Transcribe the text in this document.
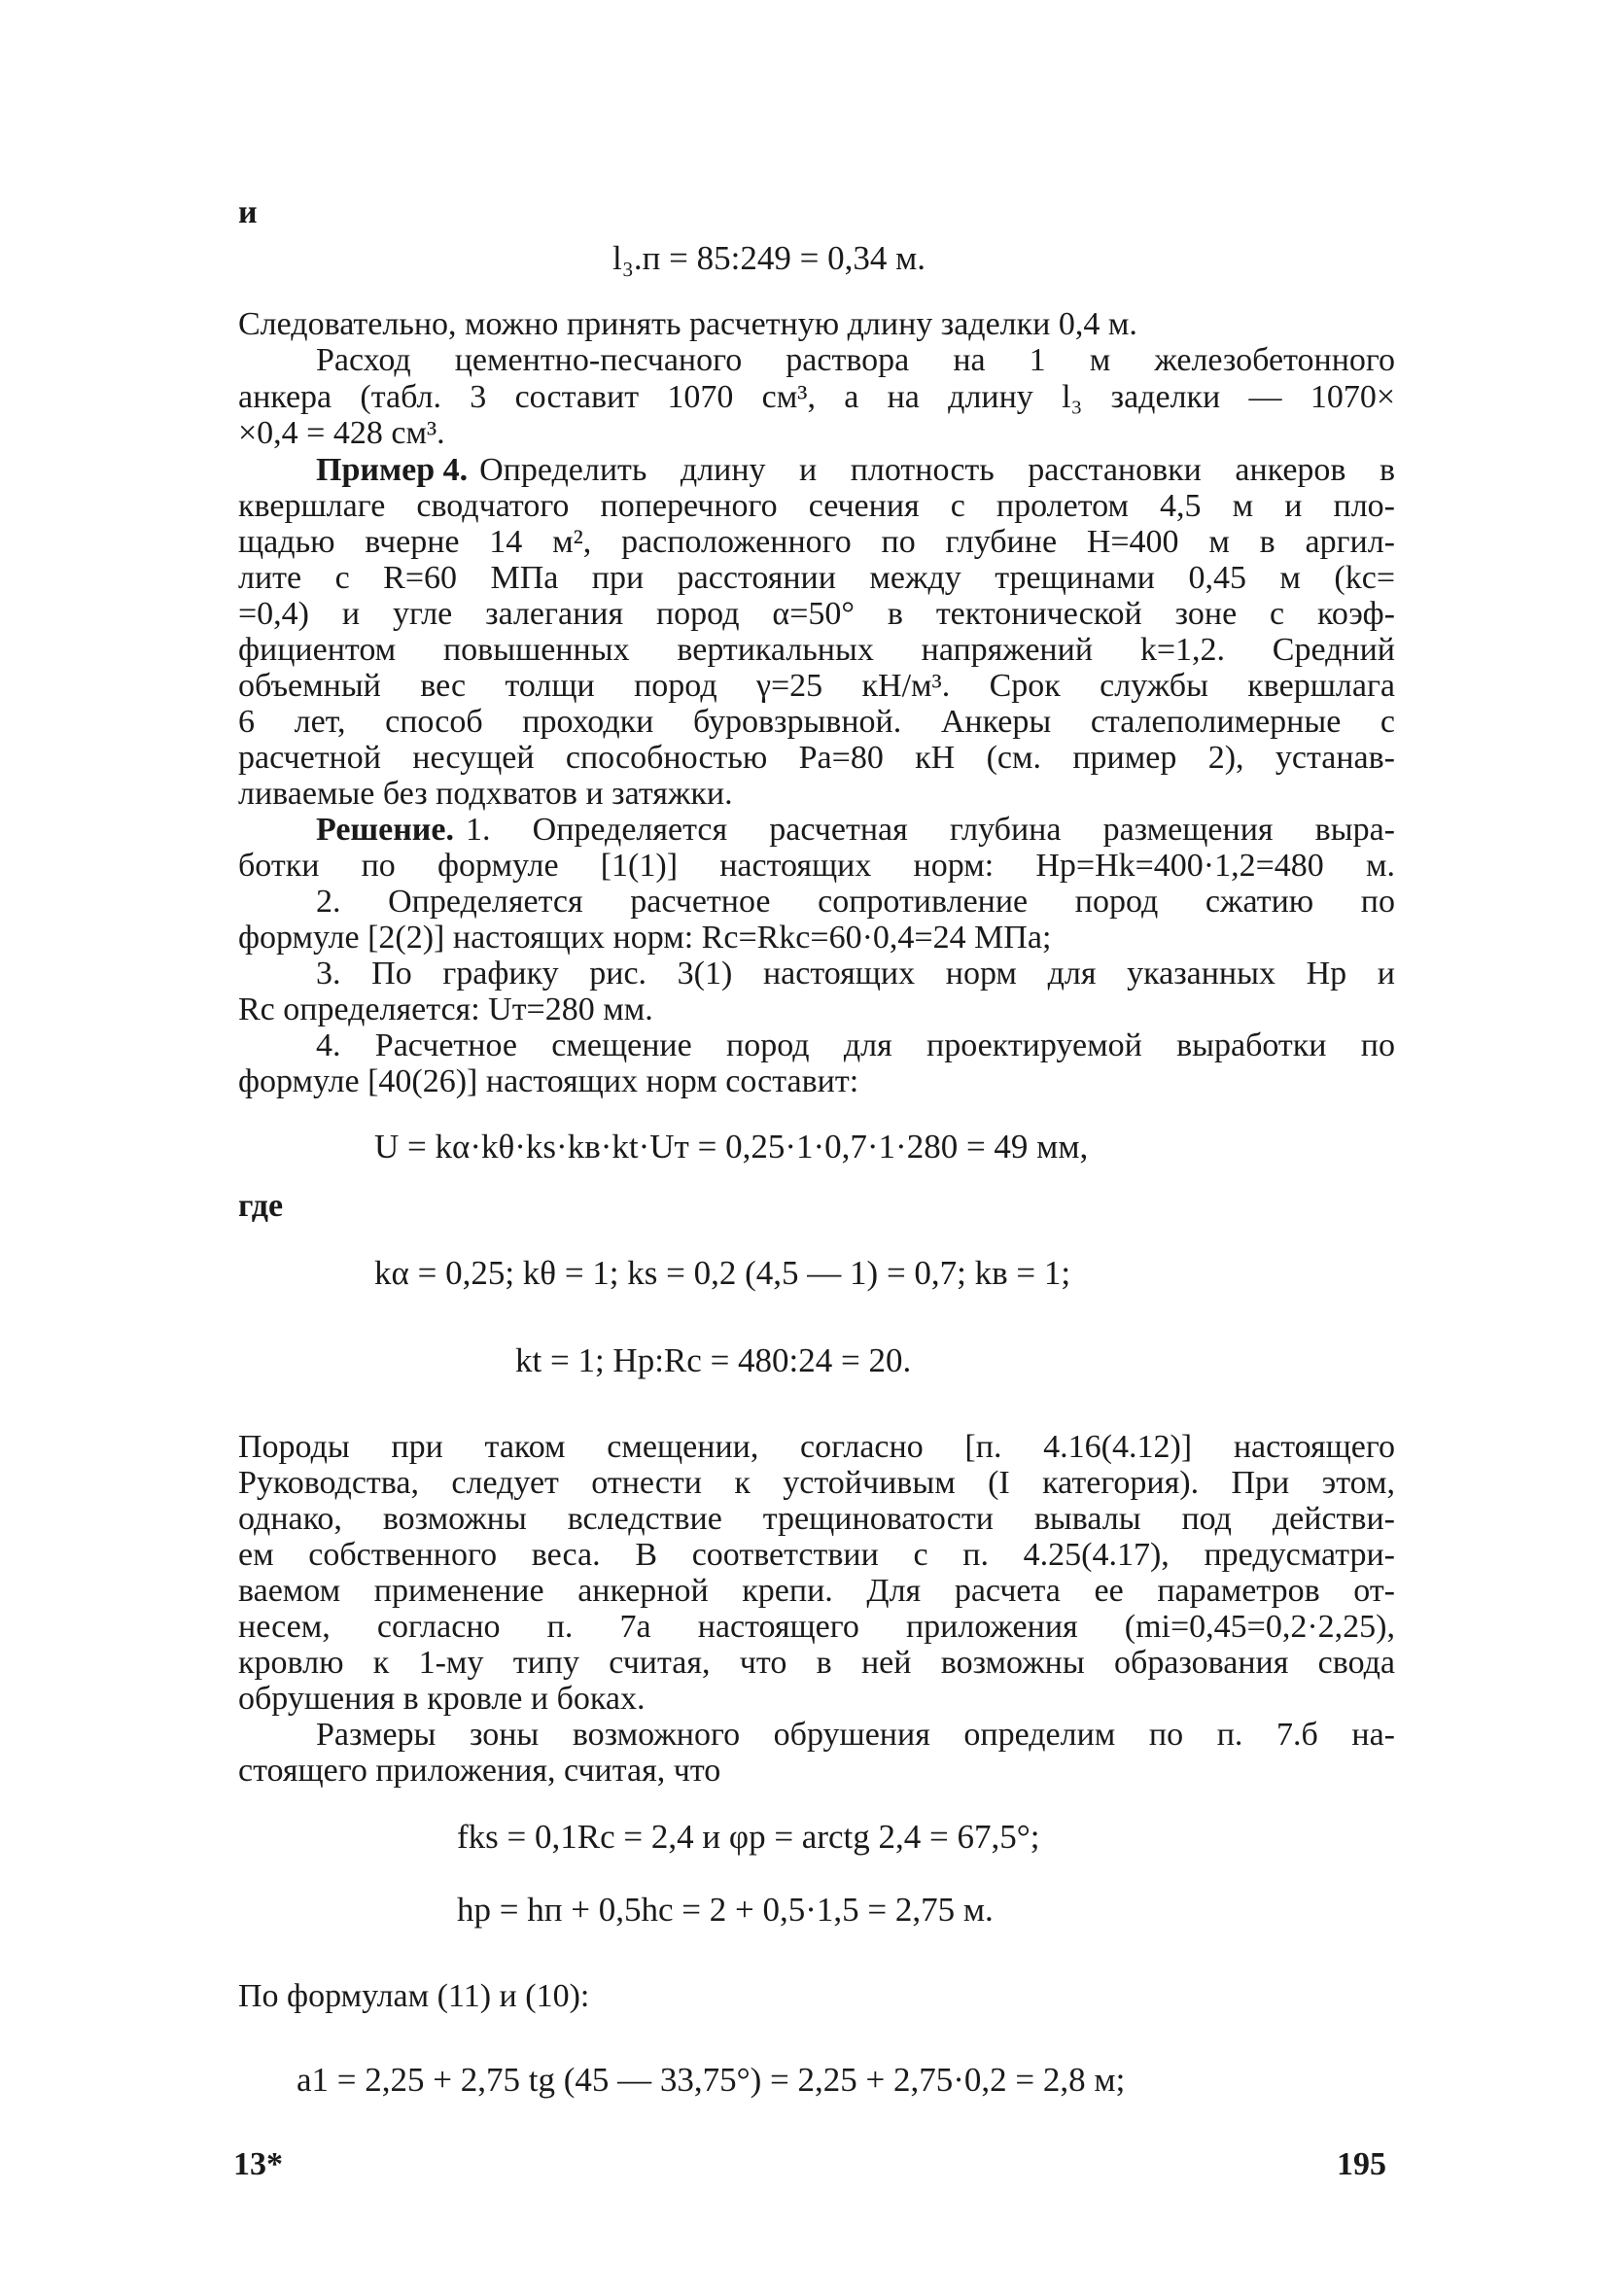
и
l₃.п = 85:249 = 0,34 м.
Следовательно, можно принять расчетную длину заделки 0,4 м.
Расход цементно-песчаного раствора на 1 м железобетонного
анкера (табл. 3 составит 1070 см³, а на длину l₃ заделки — 1070×
×0,4 = 428 см³.
Пример 4. Определить длину и плотность расстановки анкеров в
квершлаге сводчатого поперечного сечения с пролетом 4,5 м и пло-
щадью вчерне 14 м², расположенного по глубине H=400 м в аргил-
лите с R=60 МПа при расстоянии между трещинами 0,45 м (kc=
=0,4) и угле залегания пород α=50° в тектонической зоне с коэф-
фициентом повышенных вертикальных напряжений k=1,2. Средний
объемный вес толщи пород γ=25 кН/м³. Срок службы квершлага
6 лет, способ проходки буровзрывной. Анкеры сталеполимерные с
расчетной несущей способностью Pa=80 кН (см. пример 2), устанав-
ливаемые без подхватов и затяжки.
Решение. 1. Определяется расчетная глубина размещения выра-
ботки по формуле [1(1)] настоящих норм: Hp=Hk=400·1,2=480 м.
2. Определяется расчетное сопротивление пород сжатию по
формуле [2(2)] настоящих норм: Rc=Rkc=60·0,4=24 МПа;
3. По графику рис. 3(1) настоящих норм для указанных Hp и
Rc определяется: Uт=280 мм.
4. Расчетное смещение пород для проектируемой выработки по
формуле [40(26)] настоящих норм составит:
U = kα·kθ·ks·kв·kt·Uт = 0,25·1·0,7·1·280 = 49 мм,
где
kα = 0,25; kθ = 1; ks = 0,2 (4,5 — 1) = 0,7; kв = 1;
kt = 1; Hp:Rc = 480:24 = 20.
Породы при таком смещении, согласно [п. 4.16(4.12)] настоящего
Руководства, следует отнести к устойчивым (I категория). При этом,
однако, возможны вследствие трещиноватости вывалы под действи-
ем собственного веса. В соответствии с п. 4.25(4.17), предусматри-
ваемом применение анкерной крепи. Для расчета ее параметров от-
несем, согласно п. 7а настоящего приложения (mi=0,45=0,2·2,25),
кровлю к 1-му типу считая, что в ней возможны образования свода
обрушения в кровле и боках.
Размеры зоны возможного обрушения определим по п. 7.б на-
стоящего приложения, считая, что
fks = 0,1Rc = 2,4 и φp = arctg 2,4 = 67,5°;
hp = hп + 0,5hc = 2 + 0,5·1,5 = 2,75 м.
По формулам (11) и (10):
a1 = 2,25 + 2,75 tg (45 — 33,75°) = 2,25 + 2,75·0,2 = 2,8 м;
13*	195
